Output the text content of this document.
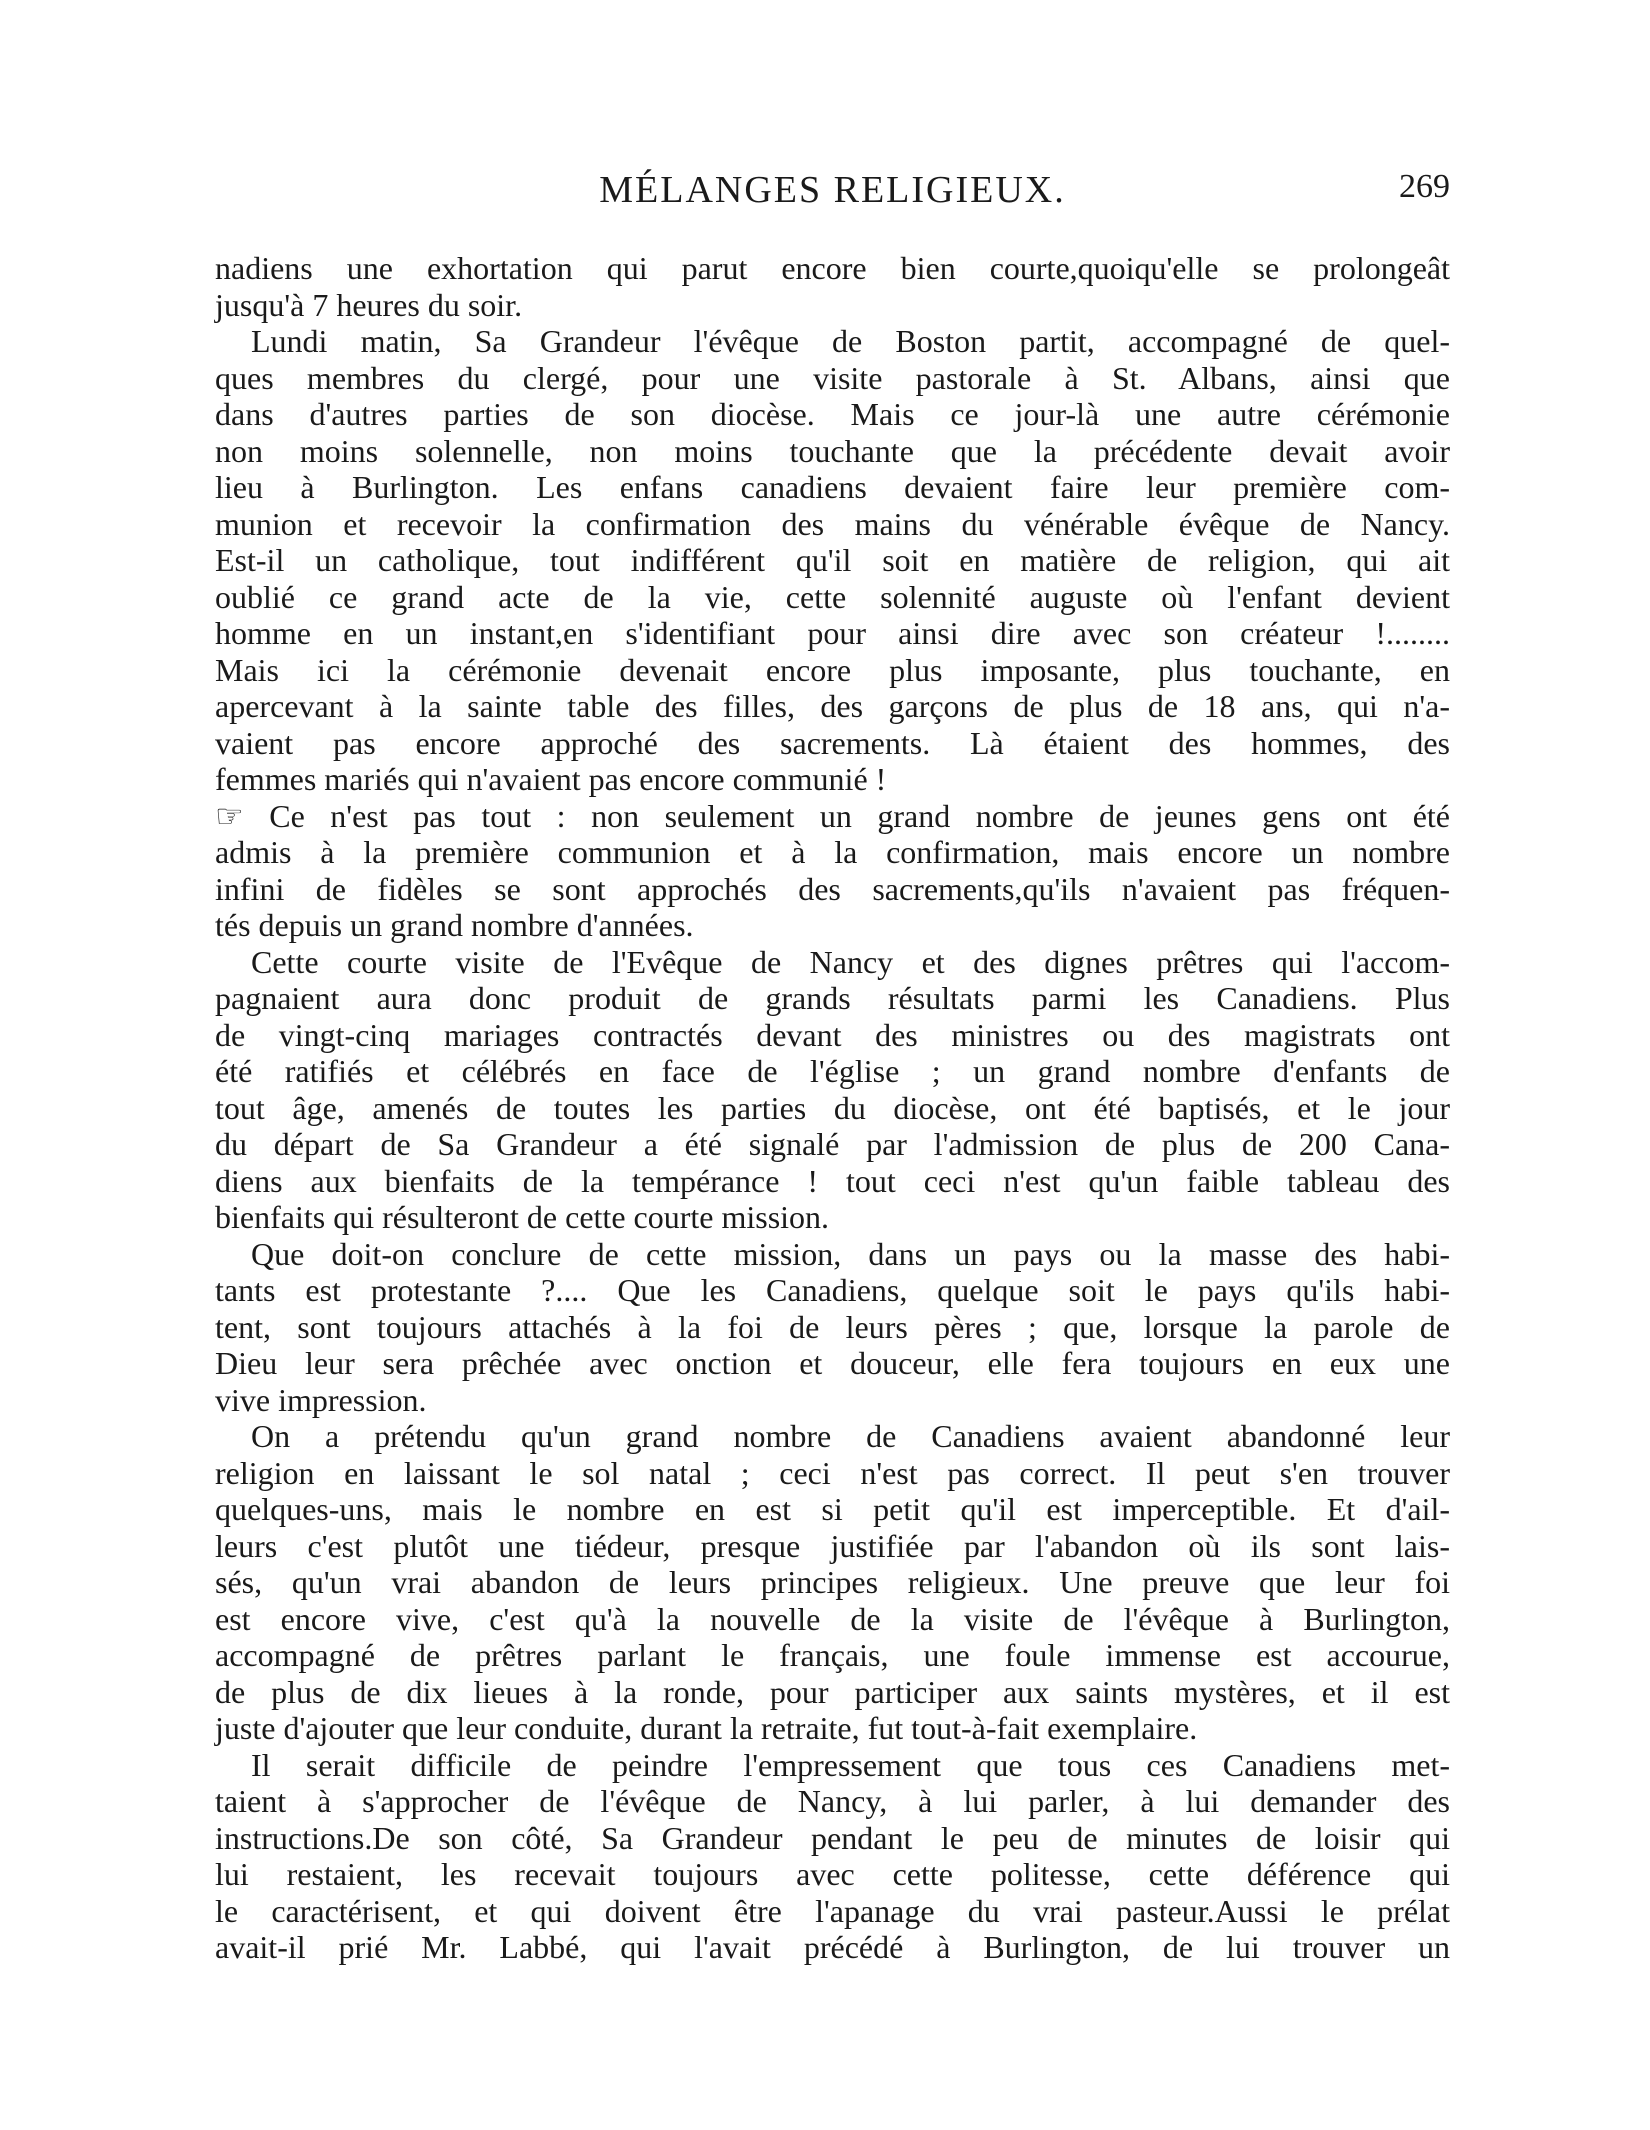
MÉLANGES RELIGIEUX.	269
nadiens une exhortation qui parut encore bien courte,quoiqu'elle se prolongeât
jusqu'à 7 heures du soir.
Lundi matin, Sa Grandeur l'évêque de Boston partit, accompagné de quel-
ques membres du clergé, pour une visite pastorale à St. Albans, ainsi que
dans d'autres parties de son diocèse. Mais ce jour-là une autre cérémonie
non moins solennelle, non moins touchante que la précédente devait avoir
lieu à Burlington. Les enfans canadiens devaient faire leur première com-
munion et recevoir la confirmation des mains du vénérable évêque de Nancy.
Est-il un catholique, tout indifférent qu'il soit en matière de religion, qui ait
oublié ce grand acte de la vie, cette solennité auguste où l'enfant devient
homme en un instant,en s'identifiant pour ainsi dire avec son créateur !........
Mais ici la cérémonie devenait encore plus imposante, plus touchante, en
apercevant à la sainte table des filles, des garçons de plus de 18 ans, qui n'a-
vaient pas encore approché des sacrements. Là étaient des hommes, des
femmes mariés qui n'avaient pas encore communié !
☞ Ce n'est pas tout : non seulement un grand nombre de jeunes gens ont été
admis à la première communion et à la confirmation, mais encore un nombre
infini de fidèles se sont approchés des sacrements,qu'ils n'avaient pas fréquen-
tés depuis un grand nombre d'années.
Cette courte visite de l'Evêque de Nancy et des dignes prêtres qui l'accom-
pagnaient aura donc produit de grands résultats parmi les Canadiens. Plus
de vingt-cinq mariages contractés devant des ministres ou des magistrats ont
été ratifiés et célébrés en face de l'église ; un grand nombre d'enfants de
tout âge, amenés de toutes les parties du diocèse, ont été baptisés, et le jour
du départ de Sa Grandeur a été signalé par l'admission de plus de 200 Cana-
diens aux bienfaits de la tempérance ! tout ceci n'est qu'un faible tableau des
bienfaits qui résulteront de cette courte mission.
Que doit-on conclure de cette mission, dans un pays ou la masse des habi-
tants est protestante ?.... Que les Canadiens, quelque soit le pays qu'ils habi-
tent, sont toujours attachés à la foi de leurs pères ; que, lorsque la parole de
Dieu leur sera prêchée avec onction et douceur, elle fera toujours en eux une
vive impression.
On a prétendu qu'un grand nombre de Canadiens avaient abandonné leur
religion en laissant le sol natal ; ceci n'est pas correct. Il peut s'en trouver
quelques-uns, mais le nombre en est si petit qu'il est imperceptible. Et d'ail-
leurs c'est plutôt une tiédeur, presque justifiée par l'abandon où ils sont lais-
sés, qu'un vrai abandon de leurs principes religieux. Une preuve que leur foi
est encore vive, c'est qu'à la nouvelle de la visite de l'évêque à Burlington,
accompagné de prêtres parlant le français, une foule immense est accourue,
de plus de dix lieues à la ronde, pour participer aux saints mystères, et il est
juste d'ajouter que leur conduite, durant la retraite, fut tout-à-fait exemplaire.
Il serait difficile de peindre l'empressement que tous ces Canadiens met-
taient à s'approcher de l'évêque de Nancy, à lui parler, à lui demander des
instructions.De son côté, Sa Grandeur pendant le peu de minutes de loisir qui
lui restaient, les recevait toujours avec cette politesse, cette déférence qui
le caractérisent, et qui doivent être l'apanage du vrai pasteur.Aussi le prélat
avait-il prié Mr. Labbé, qui l'avait précédé à Burlington, de lui trouver un
